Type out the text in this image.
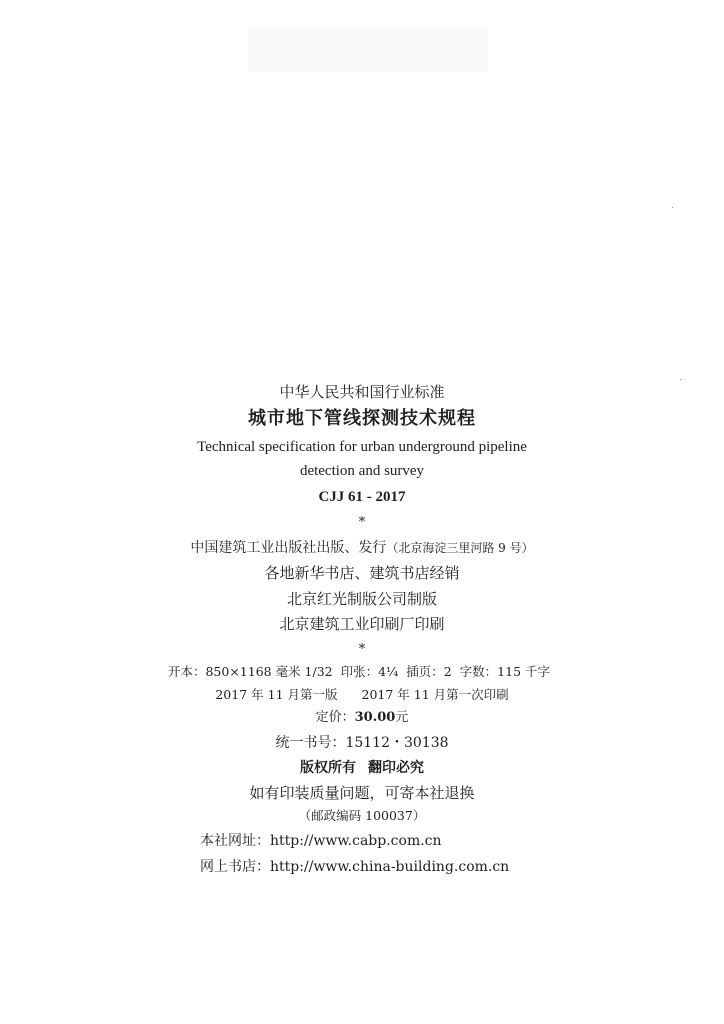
中华人民共和国行业标准
城市地下管线探测技术规程
Technical specification for urban underground pipeline
detection and survey
CJJ 61 - 2017
*
中国建筑工业出版社出版、发行（北京海淀三里河路 9 号）
各地新华书店、建筑书店经销
北京红光制版公司制版
北京建筑工业印刷厂印刷
*
开本：850×1168 毫米 1/32 印张：4¼ 插页：2 字数：115 千字
2017 年 11 月第一版 2017 年 11 月第一次印刷
定价：30.00元
统一书号：15112・30138
版权所有 翻印必究
如有印装质量问题，可寄本社退换
（邮政编码 100037）
本社网址：http://www.cabp.com.cn
网上书店：http://www.china-building.com.cn
